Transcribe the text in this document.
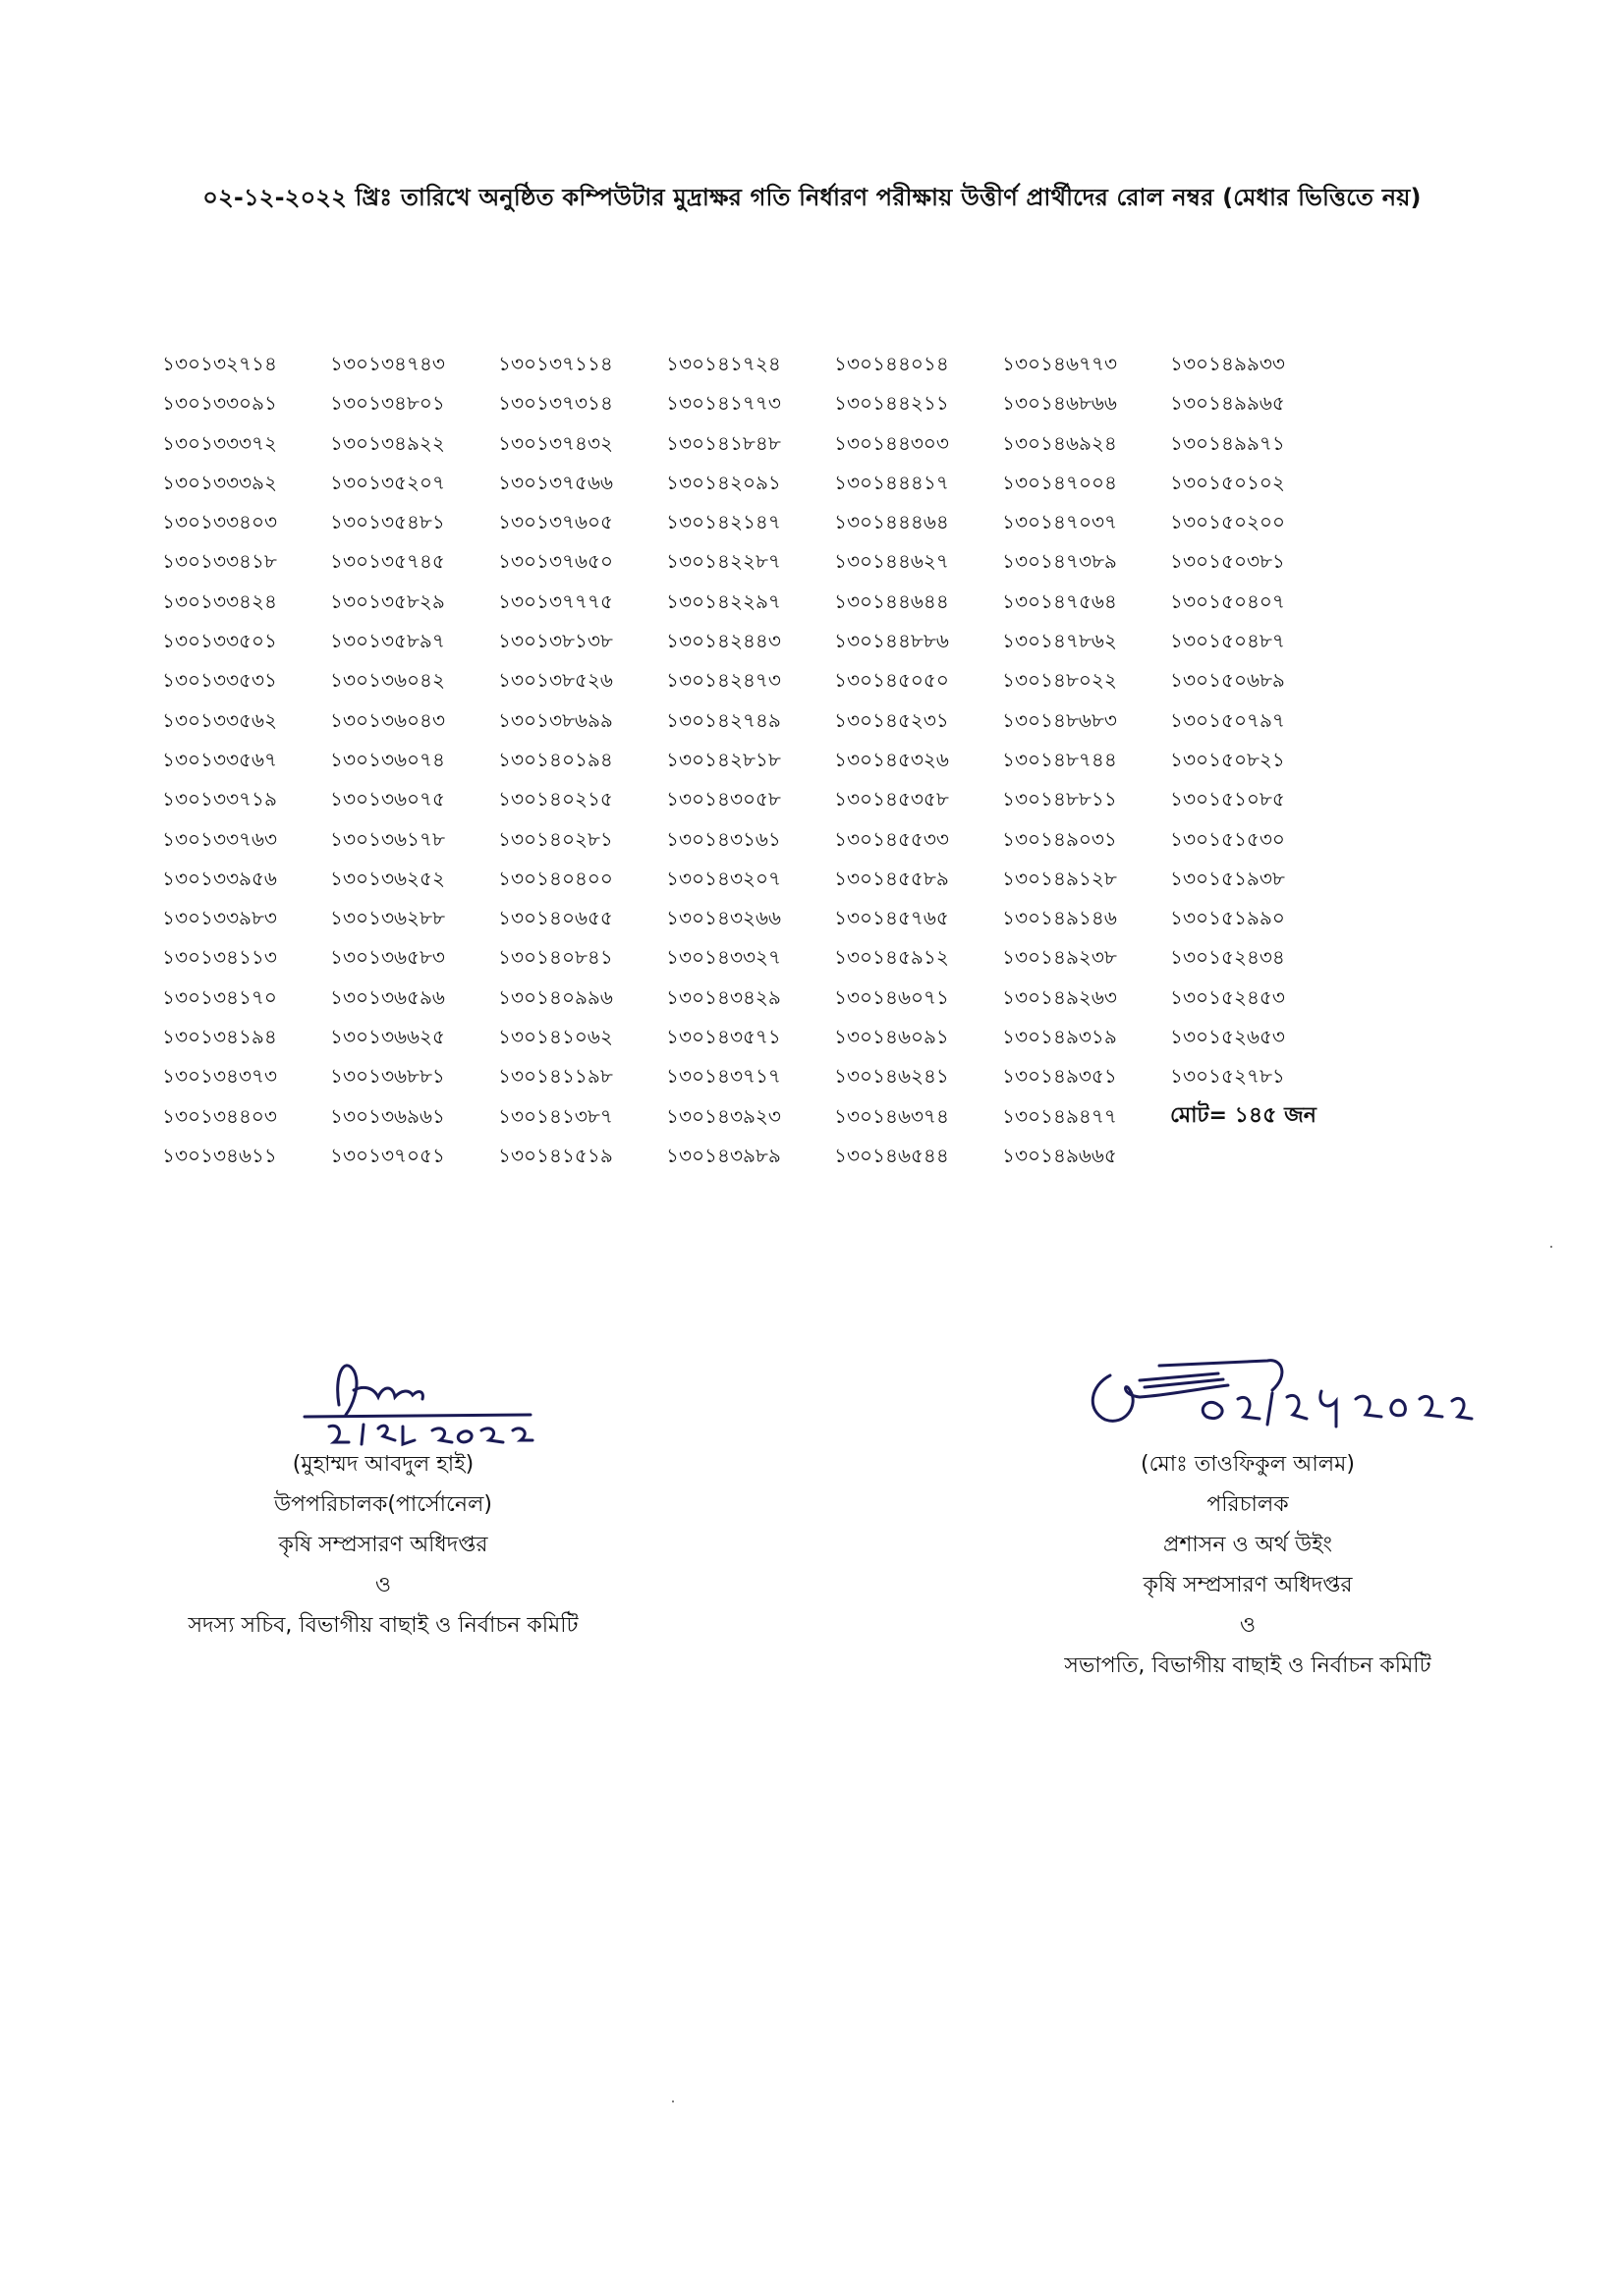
০২-১২-২০২২ খ্রিঃ তারিখে অনুষ্ঠিত কম্পিউটার মুদ্রাক্ষর গতি নির্ধারণ পরীক্ষায় উত্তীর্ণ প্রার্থীদের রোল নম্বর (মেধার ভিত্তিতে নয়)
১৩০১৩২৭১৪
১৩০১৩৩০৯১
১৩০১৩৩৩৭২
১৩০১৩৩৩৯২
১৩০১৩৩৪০৩
১৩০১৩৩৪১৮
১৩০১৩৩৪২৪
১৩০১৩৩৫০১
১৩০১৩৩৫৩১
১৩০১৩৩৫৬২
১৩০১৩৩৫৬৭
১৩০১৩৩৭১৯
১৩০১৩৩৭৬৩
১৩০১৩৩৯৫৬
১৩০১৩৩৯৮৩
১৩০১৩৪১১৩
১৩০১৩৪১৭০
১৩০১৩৪১৯৪
১৩০১৩৪৩৭৩
১৩০১৩৪৪০৩
১৩০১৩৪৬১১
১৩০১৩৪৭৪৩
১৩০১৩৪৮০১
১৩০১৩৪৯২২
১৩০১৩৫২০৭
১৩০১৩৫৪৮১
১৩০১৩৫৭৪৫
১৩০১৩৫৮২৯
১৩০১৩৫৮৯৭
১৩০১৩৬০৪২
১৩০১৩৬০৪৩
১৩০১৩৬০৭৪
১৩০১৩৬০৭৫
১৩০১৩৬১৭৮
১৩০১৩৬২৫২
১৩০১৩৬২৮৮
১৩০১৩৬৫৮৩
১৩০১৩৬৫৯৬
১৩০১৩৬৬২৫
১৩০১৩৬৮৮১
১৩০১৩৬৯৬১
১৩০১৩৭০৫১
১৩০১৩৭১১৪
১৩০১৩৭৩১৪
১৩০১৩৭৪৩২
১৩০১৩৭৫৬৬
১৩০১৩৭৬০৫
১৩০১৩৭৬৫০
১৩০১৩৭৭৭৫
১৩০১৩৮১৩৮
১৩০১৩৮৫২৬
১৩০১৩৮৬৯৯
১৩০১৪০১৯৪
১৩০১৪০২১৫
১৩০১৪০২৮১
১৩০১৪০৪০০
১৩০১৪০৬৫৫
১৩০১৪০৮৪১
১৩০১৪০৯৯৬
১৩০১৪১০৬২
১৩০১৪১১৯৮
১৩০১৪১৩৮৭
১৩০১৪১৫১৯
১৩০১৪১৭২৪
১৩০১৪১৭৭৩
১৩০১৪১৮৪৮
১৩০১৪২০৯১
১৩০১৪২১৪৭
১৩০১৪২২৮৭
১৩০১৪২২৯৭
১৩০১৪২৪৪৩
১৩০১৪২৪৭৩
১৩০১৪২৭৪৯
১৩০১৪২৮১৮
১৩০১৪৩০৫৮
১৩০১৪৩১৬১
১৩০১৪৩২০৭
১৩০১৪৩২৬৬
১৩০১৪৩৩২৭
১৩০১৪৩৪২৯
১৩০১৪৩৫৭১
১৩০১৪৩৭১৭
১৩০১৪৩৯২৩
১৩০১৪৩৯৮৯
১৩০১৪৪০১৪
১৩০১৪৪২১১
১৩০১৪৪৩০৩
১৩০১৪৪৪১৭
১৩০১৪৪৪৬৪
১৩০১৪৪৬২৭
১৩০১৪৪৬৪৪
১৩০১৪৪৮৮৬
১৩০১৪৫০৫০
১৩০১৪৫২৩১
১৩০১৪৫৩২৬
১৩০১৪৫৩৫৮
১৩০১৪৫৫৩৩
১৩০১৪৫৫৮৯
১৩০১৪৫৭৬৫
১৩০১৪৫৯১২
১৩০১৪৬০৭১
১৩০১৪৬০৯১
১৩০১৪৬২৪১
১৩০১৪৬৩৭৪
১৩০১৪৬৫৪৪
১৩০১৪৬৭৭৩
১৩০১৪৬৮৬৬
১৩০১৪৬৯২৪
১৩০১৪৭০০৪
১৩০১৪৭০৩৭
১৩০১৪৭৩৮৯
১৩০১৪৭৫৬৪
১৩০১৪৭৮৬২
১৩০১৪৮০২২
১৩০১৪৮৬৮৩
১৩০১৪৮৭৪৪
১৩০১৪৮৮১১
১৩০১৪৯০৩১
১৩০১৪৯১২৮
১৩০১৪৯১৪৬
১৩০১৪৯২৩৮
১৩০১৪৯২৬৩
১৩০১৪৯৩১৯
১৩০১৪৯৩৫১
১৩০১৪৯৪৭৭
১৩০১৪৯৬৬৫
১৩০১৪৯৯৩৩
১৩০১৪৯৯৬৫
১৩০১৪৯৯৭১
১৩০১৫০১০২
১৩০১৫০২০০
১৩০১৫০৩৮১
১৩০১৫০৪০৭
১৩০১৫০৪৮৭
১৩০১৫০৬৮৯
১৩০১৫০৭৯৭
১৩০১৫০৮২১
১৩০১৫১০৮৫
১৩০১৫১৫৩০
১৩০১৫১৯৩৮
১৩০১৫১৯৯০
১৩০১৫২৪৩৪
১৩০১৫২৪৫৩
১৩০১৫২৬৫৩
১৩০১৫২৭৮১
মোট= ১৪৫ জন
(মুহাম্মদ আবদুল হাই)
উপপরিচালক(পার্সোনেল)
কৃষি সম্প্রসারণ অধিদপ্তর
ও
সদস্য সচিব, বিভাগীয় বাছাই ও নির্বাচন কমিটি
(মোঃ তাওফিকুল আলম)
পরিচালক
প্রশাসন ও অর্থ উইং
কৃষি সম্প্রসারণ অধিদপ্তর
ও
সভাপতি, বিভাগীয় বাছাই ও নির্বাচন কমিটি
